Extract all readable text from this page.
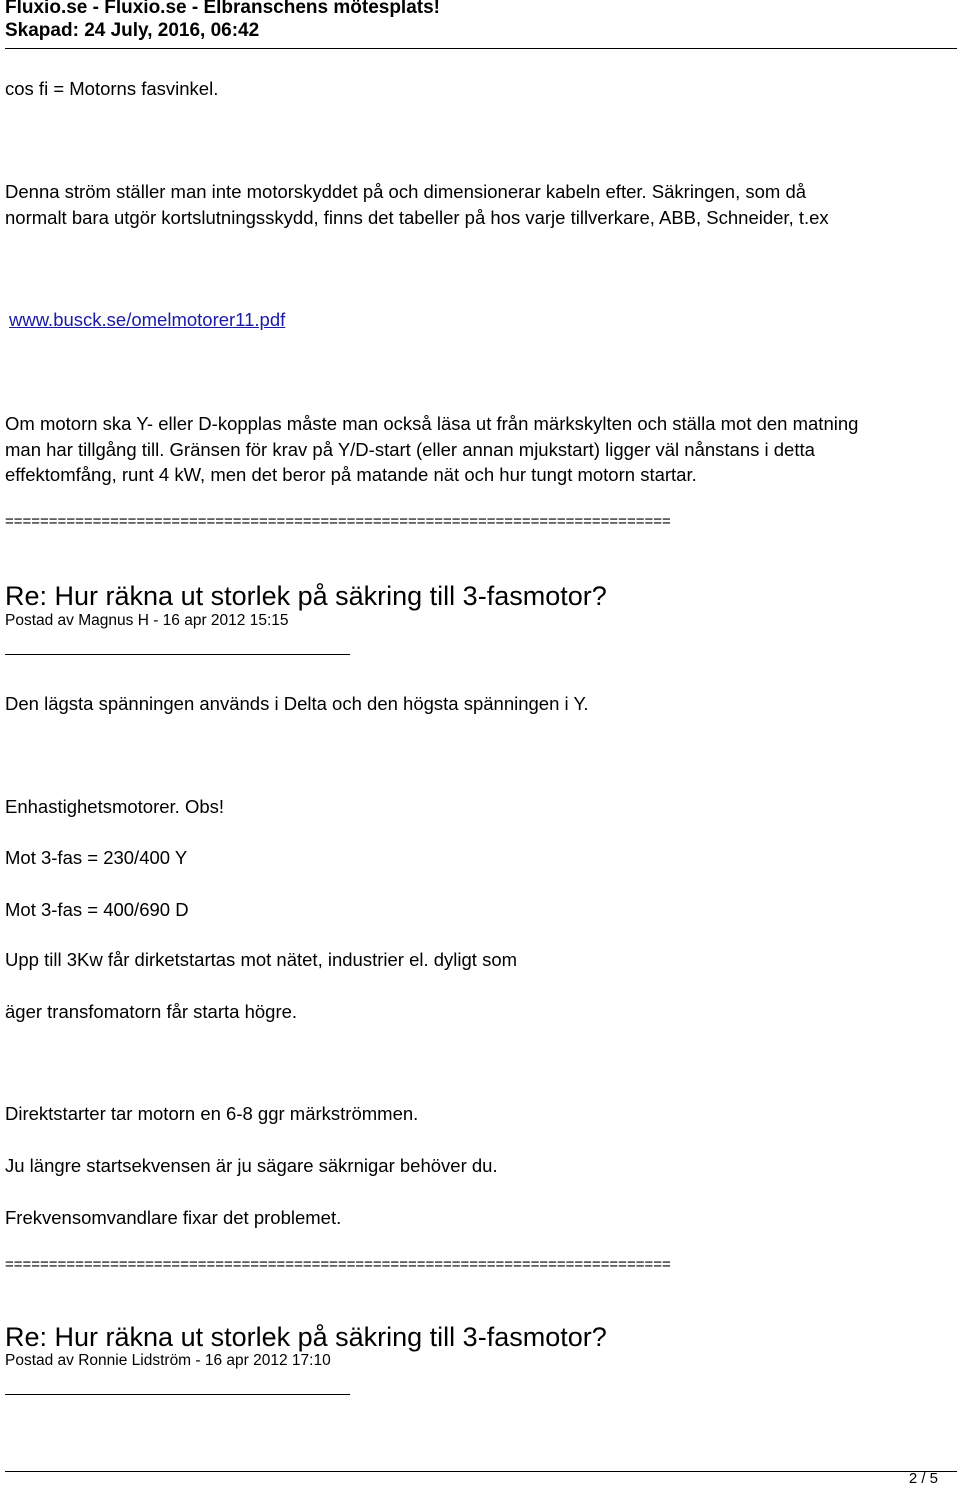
Fluxio.se - Fluxio.se - Elbranschens mötesplats!
Skapad: 24 July, 2016, 06:42
cos fi = Motorns fasvinkel.
Denna ström ställer man inte motorskyddet på och dimensionerar kabeln efter. Säkringen, som då
normalt bara utgör kortslutningsskydd, finns det tabeller på hos varje tillverkare, ABB, Schneider, t.ex
www.busck.se/omelmotorer11.pdf
Om motorn ska Y- eller D-kopplas måste man också läsa ut från märkskylten och ställa mot den matning
man har tillgång till. Gränsen för krav på Y/D-start (eller annan mjukstart) ligger väl nånstans i detta
effektomfång, runt 4 kW, men det beror på matande nät och hur tungt motorn startar.
============================================================================
Re: Hur räkna ut storlek på säkring till 3-fasmotor?
Postad av Magnus H - 16 apr 2012 15:15
Den lägsta spänningen används i Delta och den högsta spänningen i Y.
Enhastighetsmotorer. Obs!
Mot 3-fas = 230/400 Y
Mot 3-fas = 400/690 D
Upp till 3Kw får dirketstartas mot nätet, industrier el. dyligt som
äger transfomatorn får starta högre.
Direktstarter tar motorn en 6-8 ggr märkströmmen.
Ju längre startsekvensen är ju sägare säkrnigar behöver du.
Frekvensomvandlare fixar det problemet.
============================================================================
Re: Hur räkna ut storlek på säkring till 3-fasmotor?
Postad av Ronnie Lidström - 16 apr 2012 17:10
2 / 5
